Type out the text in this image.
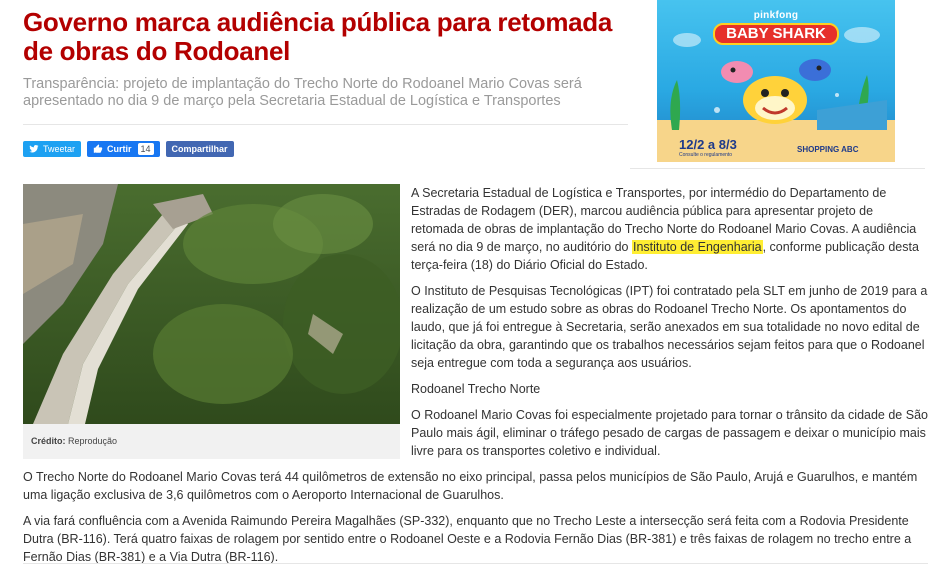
Governo marca audiência pública para retomada de obras do Rodoanel

Transparência: projeto de implantação do Trecho Norte do Rodoanel Mario Covas será apresentado no dia 9 de março pela Secretaria Estadual de Logística e Transportes

Tweetar	Curtir	14	Compartilhar
pinkfong
BABY SHARK
12/2 a 8/3
Consulte o regulamento
SHOPPING ABC

A Secretaria Estadual de Logística e Transportes, por intermédio do Departamento de Estradas de Rodagem (DER), marcou audiência pública para apresentar projeto de retomada de obras de implantação do Trecho Norte do Rodoanel Mario Covas. A audiência será no dia 9 de março, no auditório do Instituto de Engenharia, conforme publicação desta terça-feira (18) do Diário Oficial do Estado.

O Instituto de Pesquisas Tecnológicas (IPT) foi contratado pela SLT em junho de 2019 para a realização de um estudo sobre as obras do Rodoanel Trecho Norte. Os apontamentos do laudo, que já foi entregue à Secretaria, serão anexados em sua totalidade no novo edital de licitação da obra, garantindo que os trabalhos necessários sejam feitos para que o Rodoanel seja entregue com toda a segurança aos usuários.

Rodoanel Trecho Norte

O Rodoanel Mario Covas foi especialmente projetado para tornar o trânsito da cidade de São Paulo mais ágil, eliminar o tráfego pesado de cargas de passagem e deixar o município mais livre para os transportes coletivo e individual.

O Trecho Norte do Rodoanel Mario Covas terá 44 quilômetros de extensão no eixo principal, passa pelos municípios de São Paulo, Arujá e Guarulhos, e mantém uma ligação exclusiva de 3,6 quilômetros com o Aeroporto Internacional de Guarulhos.

A via fará confluência com a Avenida Raimundo Pereira Magalhães (SP-332), enquanto que no Trecho Leste a intersecção será feita com a Rodovia Presidente Dutra (BR-116). Terá quatro faixas de rolagem por sentido entre o Rodoanel Oeste e a Rodovia Fernão Dias (BR-381) e três faixas de rolagem no trecho entre a Fernão Dias (BR-381) e a Via Dutra (BR-116).

Crédito: Reprodução
